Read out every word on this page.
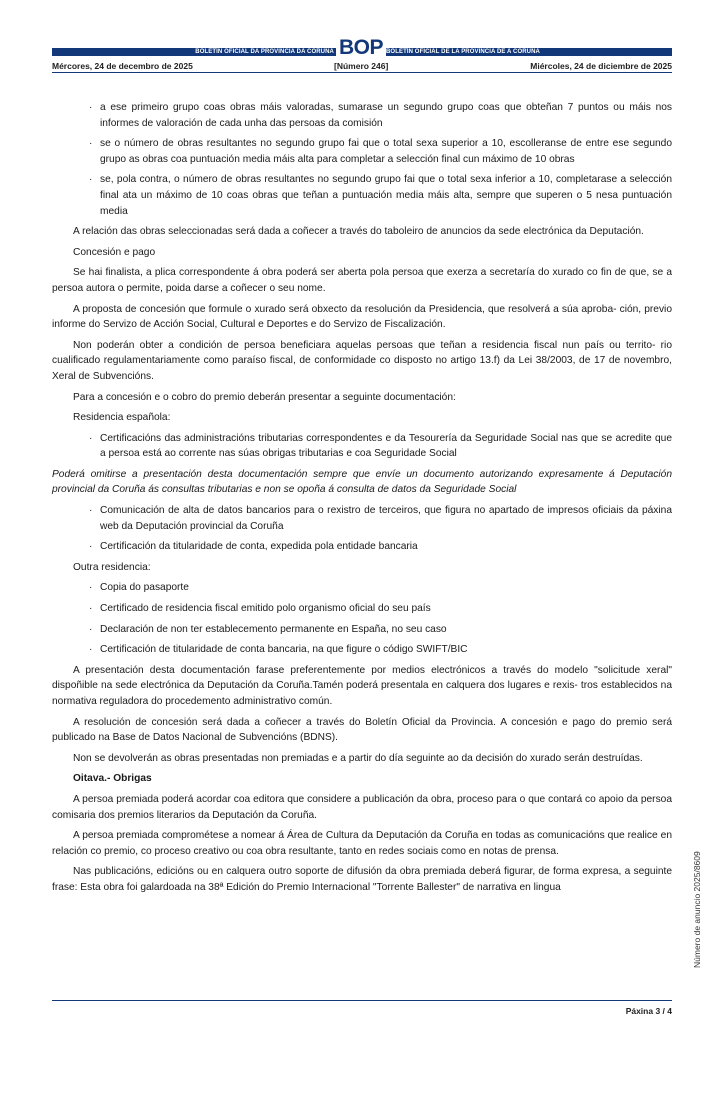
BOLETÍN OFICIAL DA PROVINCIA DA CORUÑA	BOLETÍN OFICIAL DE LA PROVINCIA DE A CORUÑA
BOP
Mércores, 24 de decembro de 2025	[Número 246]	Miércoles, 24 de diciembre de 2025
· a ese primeiro grupo coas obras máis valoradas, sumarase un segundo grupo coas que obteñan 7 puntos ou máis nos informes de valoración de cada unha das persoas da comisión
· se o número de obras resultantes no segundo grupo fai que o total sexa superior a 10, escolleranse de entre ese segundo grupo as obras coa puntuación media máis alta para completar a selección final cun máximo de 10 obras
· se, pola contra, o número de obras resultantes no segundo grupo fai que o total sexa inferior a 10, completarase a selección final ata un máximo de 10 coas obras que teñan a puntuación media máis alta, sempre que superen o 5 nesa puntuación media

A relación das obras seleccionadas será dada a coñecer a través do taboleiro de anuncios da sede electrónica da Deputación.

Concesión e pago

Se hai finalista, a plica correspondente á obra poderá ser aberta pola persoa que exerza a secretaría do xurado co fin de que, se a persoa autora o permite, poida darse a coñecer o seu nome.

A proposta de concesión que formule o xurado será obxecto da resolución da Presidencia, que resolverá a súa aproba- ción, previo informe do Servizo de Acción Social, Cultural e Deportes e do Servizo de Fiscalización.

Non poderán obter a condición de persoa beneficiara aquelas persoas que teñan a residencia fiscal nun país ou territo- rio cualificado regulamentariamente como paraíso fiscal, de conformidade co disposto no artigo 13.f) da Lei 38/2003, de 17 de novembro, Xeral de Subvencións.

Para a concesión e o cobro do premio deberán presentar a seguinte documentación:

Residencia española:

· Certificacións das administracións tributarias correspondentes e da Tesourería da Seguridade Social nas que se acredite que a persoa está ao corrente nas súas obrigas tributarias e coa Seguridade Social

Poderá omitirse a presentación desta documentación sempre que envíe un documento autorizando expresamente á Deputación provincial da Coruña ás consultas tributarias e non se opoña á consulta de datos da Seguridade Social

· Comunicación de alta de datos bancarios para o rexistro de terceiros, que figura no apartado de impresos oficiais da páxina web da Deputación provincial da Coruña
· Certificación da titularidade de conta, expedida pola entidade bancaria

Outra residencia:

· Copia do pasaporte
· Certificado de residencia fiscal emitido polo organismo oficial do seu país
· Declaración de non ter establecemento permanente en España, no seu caso
· Certificación de titularidade de conta bancaria, na que figure o código SWIFT/BIC

A presentación desta documentación farase preferentemente por medios electrónicos a través do modelo "solicitude xeral" dispoñible na sede electrónica da Deputación da Coruña.Tamén poderá presentala en calquera dos lugares e rexis- tros establecidos na normativa reguladora do procedemento administrativo común.

A resolución de concesión será dada a coñecer a través do Boletín Oficial da Provincia. A concesión e pago do premio será publicado na Base de Datos Nacional de Subvencións (BDNS).

Non se devolverán as obras presentadas non premiadas e a partir do día seguinte ao da decisión do xurado serán destruídas.

Oitava.- Obrigas

A persoa premiada poderá acordar coa editora que considere a publicación da obra, proceso para o que contará co apoio da persoa comisaria dos premios literarios da Deputación da Coruña.

A persoa premiada comprométese a nomear á Área de Cultura da Deputación da Coruña en todas as comunicacións que realice en relación co premio, co proceso creativo ou coa obra resultante, tanto en redes sociais como en notas de prensa.

Nas publicacións, edicións ou en calquera outro soporte de difusión da obra premiada deberá figurar, de forma expresa, a seguinte frase: Esta obra foi galardoada na 38ª Edición do Premio Internacional "Torrente Ballester" de narrativa en lingua	Número de anuncio 2025/8609
Páxina 3 / 4
